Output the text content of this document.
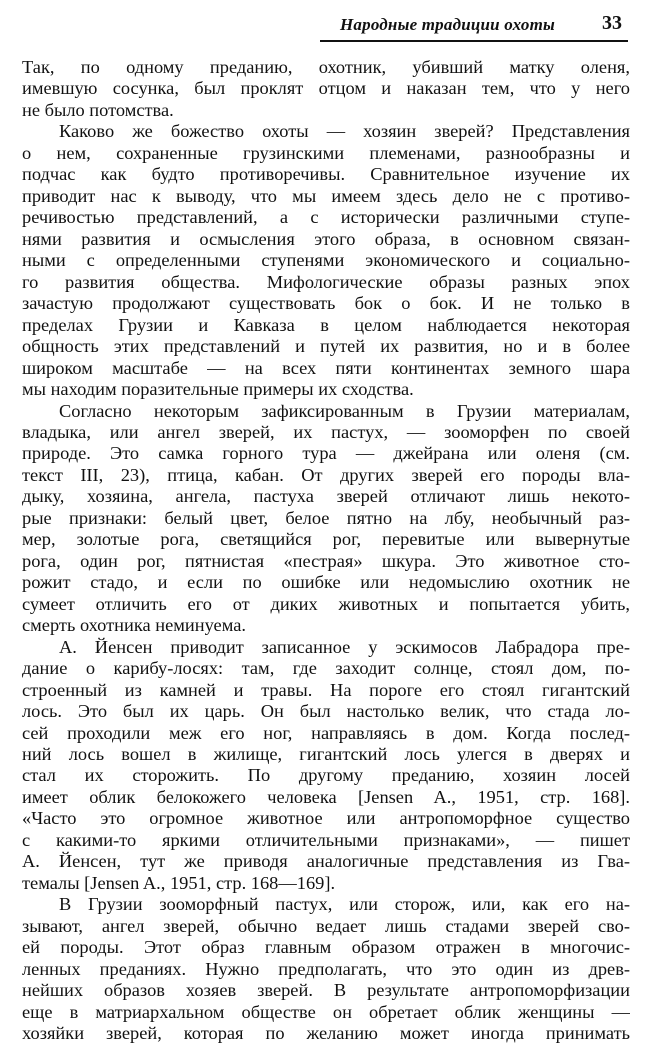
Народные традиции охоты 33
Так, по одному преданию, охотник, убивший матку оленя,
имевшую сосунка, был проклят отцом и наказан тем, что у него
не было потомства.
Каково же божество охоты — хозяин зверей? Представления
о нем, сохраненные грузинскими племенами, разнообразны и
подчас как будто противоречивы. Сравнительное изучение их
приводит нас к выводу, что мы имеем здесь дело не с противо-
речивостью представлений, а с исторически различными ступе-
нями развития и осмысления этого образа, в основном связан-
ными с определенными ступенями экономического и социально-
го развития общества. Мифологические образы разных эпох
зачастую продолжают существовать бок о бок. И не только в
пределах Грузии и Кавказа в целом наблюдается некоторая
общность этих представлений и путей их развития, но и в более
широком масштабе — на всех пяти континентах земного шара
мы находим поразительные примеры их сходства.
Согласно некоторым зафиксированным в Грузии материалам,
владыка, или ангел зверей, их пастух, — зооморфен по своей
природе. Это самка горного тура — джейрана или оленя (см.
текст III, 23), птица, кабан. От других зверей его породы вла-
дыку, хозяина, ангела, пастуха зверей отличают лишь некото-
рые признаки: белый цвет, белое пятно на лбу, необычный раз-
мер, золотые рога, светящийся рог, перевитые или вывернутые
рога, один рог, пятнистая «пестрая» шкура. Это животное сто-
рожит стадо, и если по ошибке или недомыслию охотник не
сумеет отличить его от диких животных и попытается убить,
смерть охотника неминуема.
А. Йенсен приводит записанное у эскимосов Лабрадора пре-
дание о карибу-лосях: там, где заходит солнце, стоял дом, по-
строенный из камней и травы. На пороге его стоял гигантский
лось. Это был их царь. Он был настолько велик, что стада ло-
сей проходили меж его ног, направляясь в дом. Когда послед-
ний лось вошел в жилище, гигантский лось улегся в дверях и
стал их сторожить. По другому преданию, хозяин лосей
имеет облик белокожего человека [Jensen A., 1951, стр. 168].
«Часто это огромное животное или антропоморфное существо
с какими-то яркими отличительными признаками», — пишет
А. Йенсен, тут же приводя аналогичные представления из Гва-
темалы [Jensen A., 1951, стр. 168—169].
В Грузии зооморфный пастух, или сторож, или, как его на-
зывают, ангел зверей, обычно ведает лишь стадами зверей сво-
ей породы. Этот образ главным образом отражен в многочис-
ленных преданиях. Нужно предполагать, что это один из древ-
нейших образов хозяев зверей. В результате антропоморфизации
еще в матриархальном обществе он обретает облик женщины —
хозяйки зверей, которая по желанию может иногда принимать
